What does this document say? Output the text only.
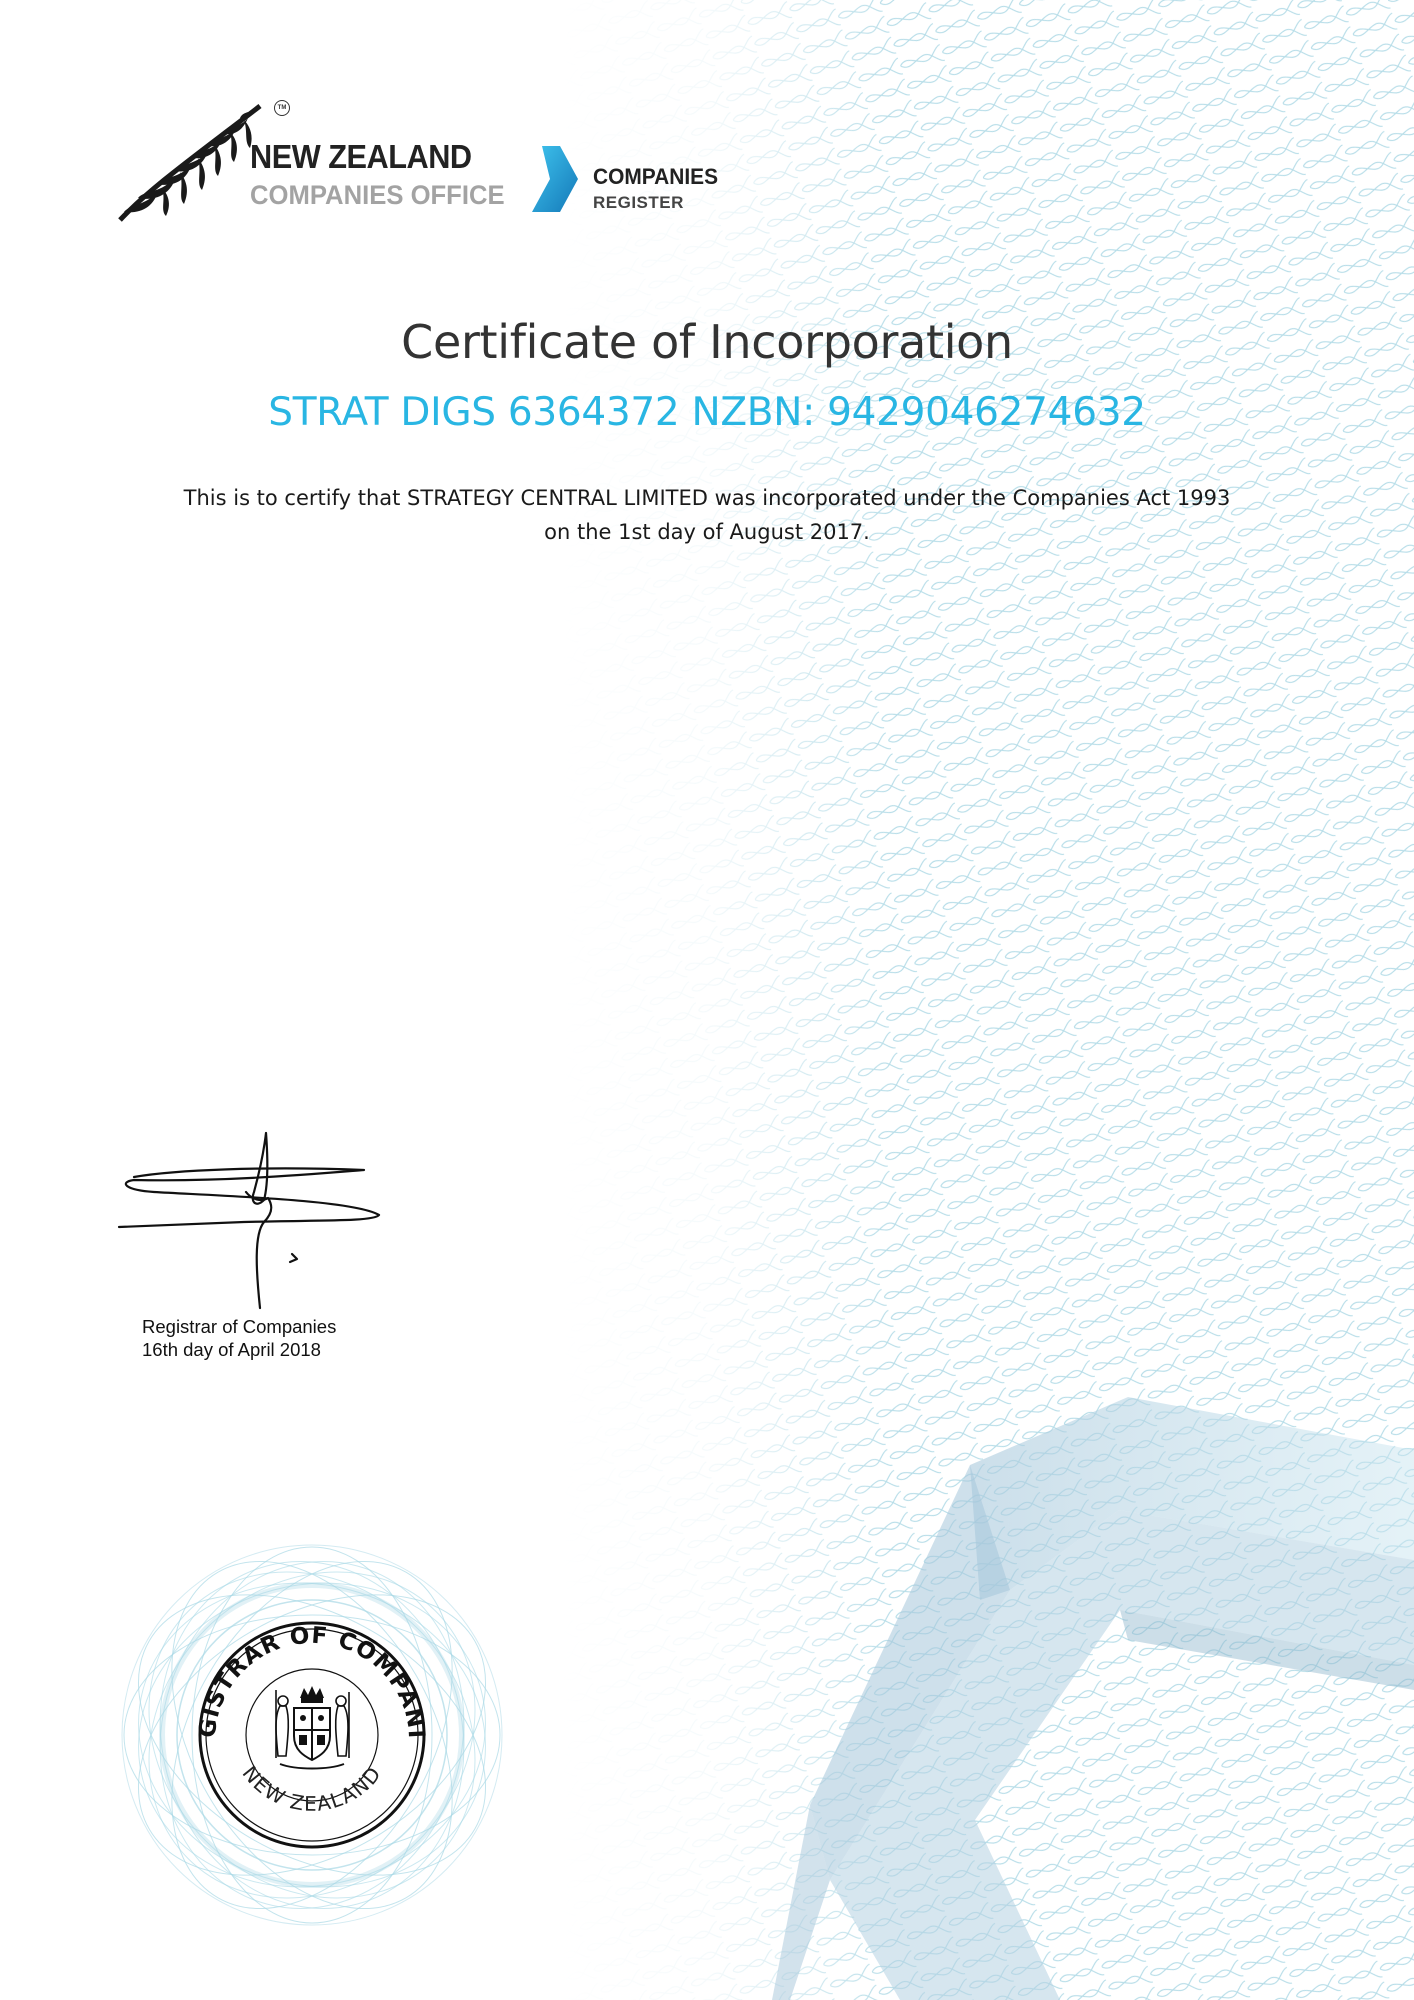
TM
NEW ZEALAND
COMPANIES OFFICE
COMPANIES
REGISTER
Certificate of Incorporation
STRAT DIGS 6364372 NZBN: 9429046274632

This is to certify that STRATEGY CENTRAL LIMITED was incorporated under the Companies Act 1993
on the 1st day of August 2017.

Registrar of Companies
16th day of April 2018
GISTRAR OF COMPANI
NEW ZEALAND
